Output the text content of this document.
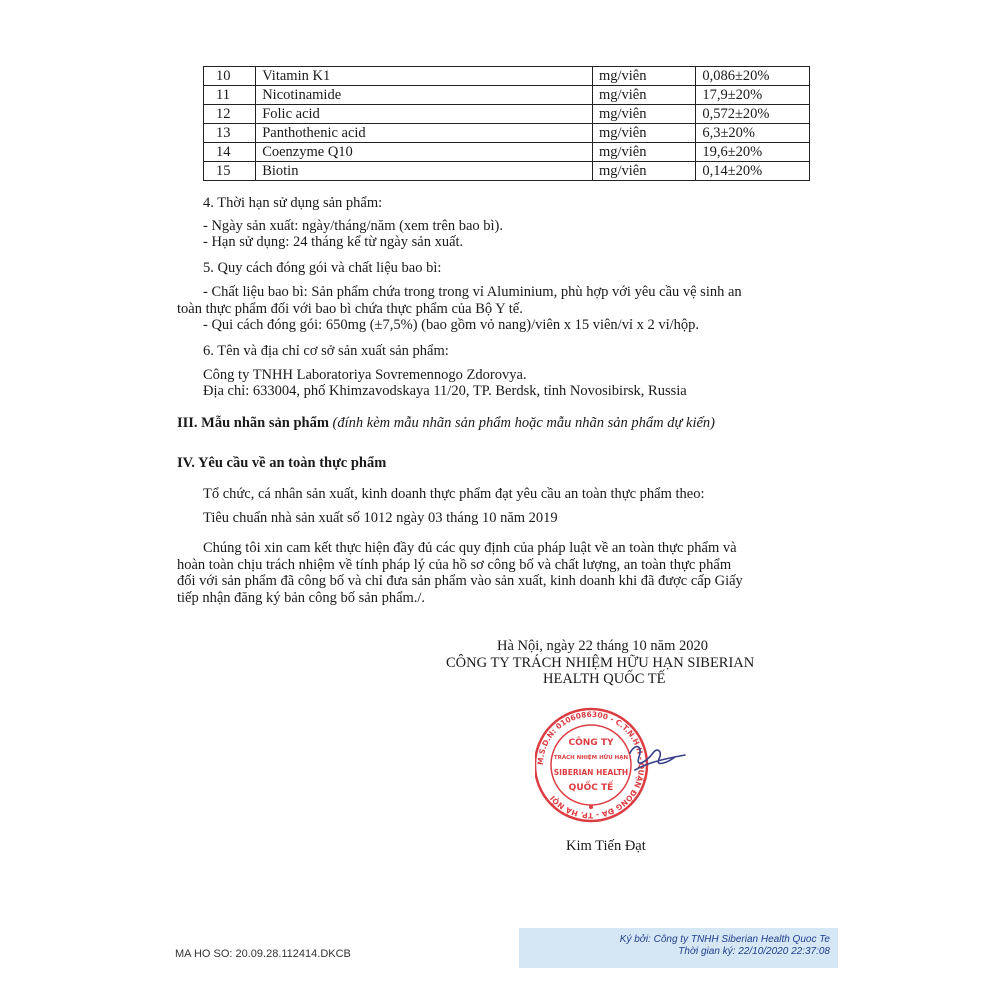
10	Vitamin K1	mg/viên	0,086±20%
11	Nicotinamide	mg/viên	17,9±20%
12	Folic acid	mg/viên	0,572±20%
13	Panthothenic acid	mg/viên	6,3±20%
14	Coenzyme Q10	mg/viên	19,6±20%
15	Biotin	mg/viên	0,14±20%
4. Thời hạn sử dụng sản phẩm:
- Ngày sản xuất: ngày/tháng/năm (xem trên bao bì).
- Hạn sử dụng: 24 tháng kể từ ngày sản xuất.
5. Quy cách đóng gói và chất liệu bao bì:
- Chất liệu bao bì: Sản phẩm chứa trong trong vỉ Aluminium, phù hợp với yêu cầu vệ sinh an
toàn thực phẩm đối với bao bì chứa thực phẩm của Bộ Y tế.
- Qui cách đóng gói: 650mg (±7,5%) (bao gồm vỏ nang)/viên x 15 viên/vỉ x 2 vỉ/hộp.
6. Tên và địa chỉ cơ sở sản xuất sản phẩm:
Công ty TNHH Laboratoriya Sovremennogo Zdorovya.
Địa chỉ: 633004, phố Khimzavodskaya 11/20, TP. Berdsk, tỉnh Novosibirsk, Russia
III. Mẫu nhãn sản phẩm (đính kèm mẫu nhãn sản phẩm hoặc mẫu nhãn sản phẩm dự kiến)
IV. Yêu cầu về an toàn thực phẩm
Tổ chức, cá nhân sản xuất, kinh doanh thực phẩm đạt yêu cầu an toàn thực phẩm theo:
Tiêu chuẩn nhà sản xuất số 1012 ngày 03 tháng 10 năm 2019
Chúng tôi xin cam kết thực hiện đầy đủ các quy định của pháp luật về an toàn thực phẩm và
hoàn toàn chịu trách nhiệm về tính pháp lý của hồ sơ công bố và chất lượng, an toàn thực phẩm
đối với sản phẩm đã công bố và chỉ đưa sản phẩm vào sản xuất, kinh doanh khi đã được cấp Giấy
tiếp nhận đăng ký bản công bố sản phẩm./.
Hà Nội, ngày 22 tháng 10 năm 2020
CÔNG TY TRÁCH NHIỆM HỮU HẠN SIBERIAN
HEALTH QUỐC TẾ
M.S.D.N: 0106086300 - C.T.N.H.H - QUẬN ĐỐNG ĐA - TP. HÀ NỘI
CÔNG TY
TRÁCH NHIỆM HỮU HẠN
SIBERIAN HEALTH
QUỐC TẾ
Kim Tiến Đạt
Ký bởi: Công ty TNHH Siberian Health Quoc Te
Thời gian ký: 22/10/2020 22:37:08
MA HO SO: 20.09.28.112414.DKCB
